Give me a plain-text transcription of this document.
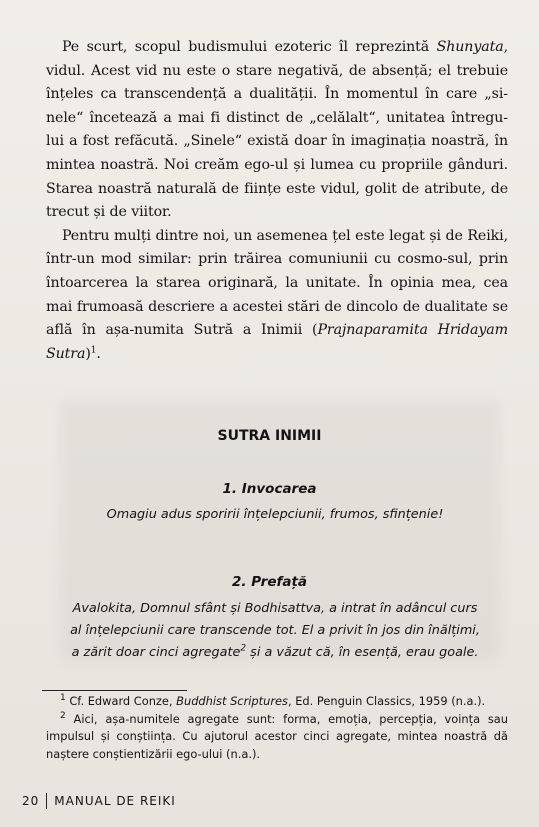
Pe scurt, scopul budismului ezoteric îl reprezintă Shunyata, vidul. Acest vid nu este o stare negativă, de absență; el trebuie înțeles ca transcendență a dualității. În momentul în care „si-nele“ încetează a mai fi distinct de „celălalt“, unitatea întregu-lui a fost refăcută. „Sinele“ există doar în imaginația noastră, în mintea noastră. Noi creăm ego-ul și lumea cu propriile gânduri. Starea noastră naturală de ființe este vidul, golit de atribute, de trecut și de viitor.

Pentru mulți dintre noi, un asemenea țel este legat și de Reiki, într-un mod similar: prin trăirea comuniunii cu cosmo-sul, prin întoarcerea la starea originară, la unitate. În opinia mea, cea mai frumoasă descriere a acestei stări de dincolo de dualitate se află în așa-numita Sutră a Inimii (Prajnaparamita Hridayam Sutra)$^1$.

SUTRA INIMII
1. Invocarea
Omagiu adus sporirii înțelepciunii, frumos, sfințenie!
2. Prefață
Avalokita, Domnul sfânt și Bodhisattva, a intrat în adâncul curs
al înțelepciunii care transcende tot. El a privit în jos din înălțimi,
a zărit doar cinci agregate$^2$ și a văzut că, în esență, erau goale.

$^1$ Cf. Edward Conze, Buddhist Scriptures, Ed. Penguin Classics, 1959 (n.a.).

$^2$ Aici, așa-numitele agregate sunt: forma, emoția, percepția, voința sau impulsul și conștiința. Cu ajutorul acestor cinci agregate, mintea noastră dă naștere conștientizării ego-ului (n.a.).

20 MANUAL DE REIKI
